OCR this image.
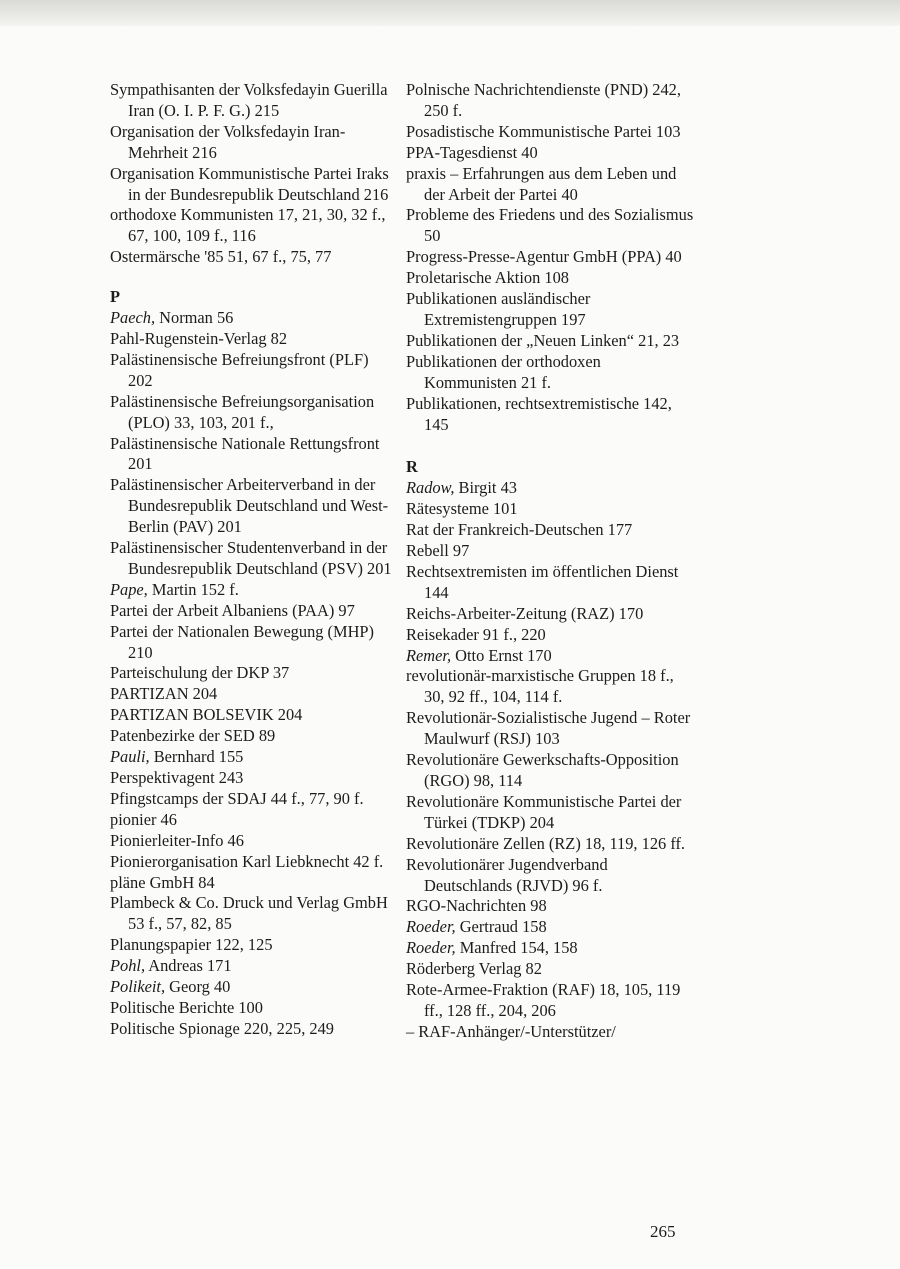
Sympathisanten der Volksfedayin Guerilla Iran (O. I. P. F. G.) 215

Organisation der Volksfedayin Iran-Mehrheit 216

Organisation Kommunistische Partei Iraks in der Bundesrepublik Deutschland 216

orthodoxe Kommunisten 17, 21, 30, 32 f., 67, 100, 109 f., 116

Ostermärsche '85 51, 67 f., 75, 77

P

Paech, Norman 56

Pahl-Rugenstein-Verlag 82

Palästinensische Befreiungsfront (PLF) 202

Palästinensische Befreiungsorganisation (PLO) 33, 103, 201 f.,

Palästinensische Nationale Rettungsfront 201

Palästinensischer Arbeiterverband in der Bundesrepublik Deutschland und West-Berlin (PAV) 201

Palästinensischer Studentenverband in der Bundesrepublik Deutschland (PSV) 201

Pape, Martin 152 f.

Partei der Arbeit Albaniens (PAA) 97

Partei der Nationalen Bewegung (MHP) 210

Parteischulung der DKP 37

PARTIZAN 204

PARTIZAN BOLSEVIK 204

Patenbezirke der SED 89

Pauli, Bernhard 155

Perspektivagent 243

Pfingstcamps der SDAJ 44 f., 77, 90 f.

pionier 46

Pionierleiter-Info 46

Pionierorganisation Karl Liebknecht 42 f.

pläne GmbH 84

Plambeck & Co. Druck und Verlag GmbH 53 f., 57, 82, 85

Planungspapier 122, 125

Pohl, Andreas 171

Polikeit, Georg 40

Politische Berichte 100

Politische Spionage 220, 225, 249

Polnische Nachrichtendienste (PND) 242, 250 f.

Posadistische Kommunistische Partei 103

PPA-Tagesdienst 40

praxis – Erfahrungen aus dem Leben und der Arbeit der Partei 40

Probleme des Friedens und des Sozialismus 50

Progress-Presse-Agentur GmbH (PPA) 40

Proletarische Aktion 108

Publikationen ausländischer Extremistengruppen 197

Publikationen der „Neuen Linken“ 21, 23

Publikationen der orthodoxen Kommunisten 21 f.

Publikationen, rechtsextremistische 142, 145

R

Radow, Birgit 43

Rätesysteme 101

Rat der Frankreich-Deutschen 177

Rebell 97

Rechtsextremisten im öffentlichen Dienst 144

Reichs-Arbeiter-Zeitung (RAZ) 170

Reisekader 91 f., 220

Remer, Otto Ernst 170

revolutionär-marxistische Gruppen 18 f., 30, 92 ff., 104, 114 f.

Revolutionär-Sozialistische Jugend – Roter Maulwurf (RSJ) 103

Revolutionäre Gewerkschafts-Opposition (RGO) 98, 114

Revolutionäre Kommunistische Partei der Türkei (TDKP) 204

Revolutionäre Zellen (RZ) 18, 119, 126 ff.

Revolutionärer Jugendverband Deutschlands (RJVD) 96 f.

RGO-Nachrichten 98

Roeder, Gertraud 158

Roeder, Manfred 154, 158

Röderberg Verlag 82

Rote-Armee-Fraktion (RAF) 18, 105, 119 ff., 128 ff., 204, 206

– RAF-Anhänger/-Unterstützer/

265
